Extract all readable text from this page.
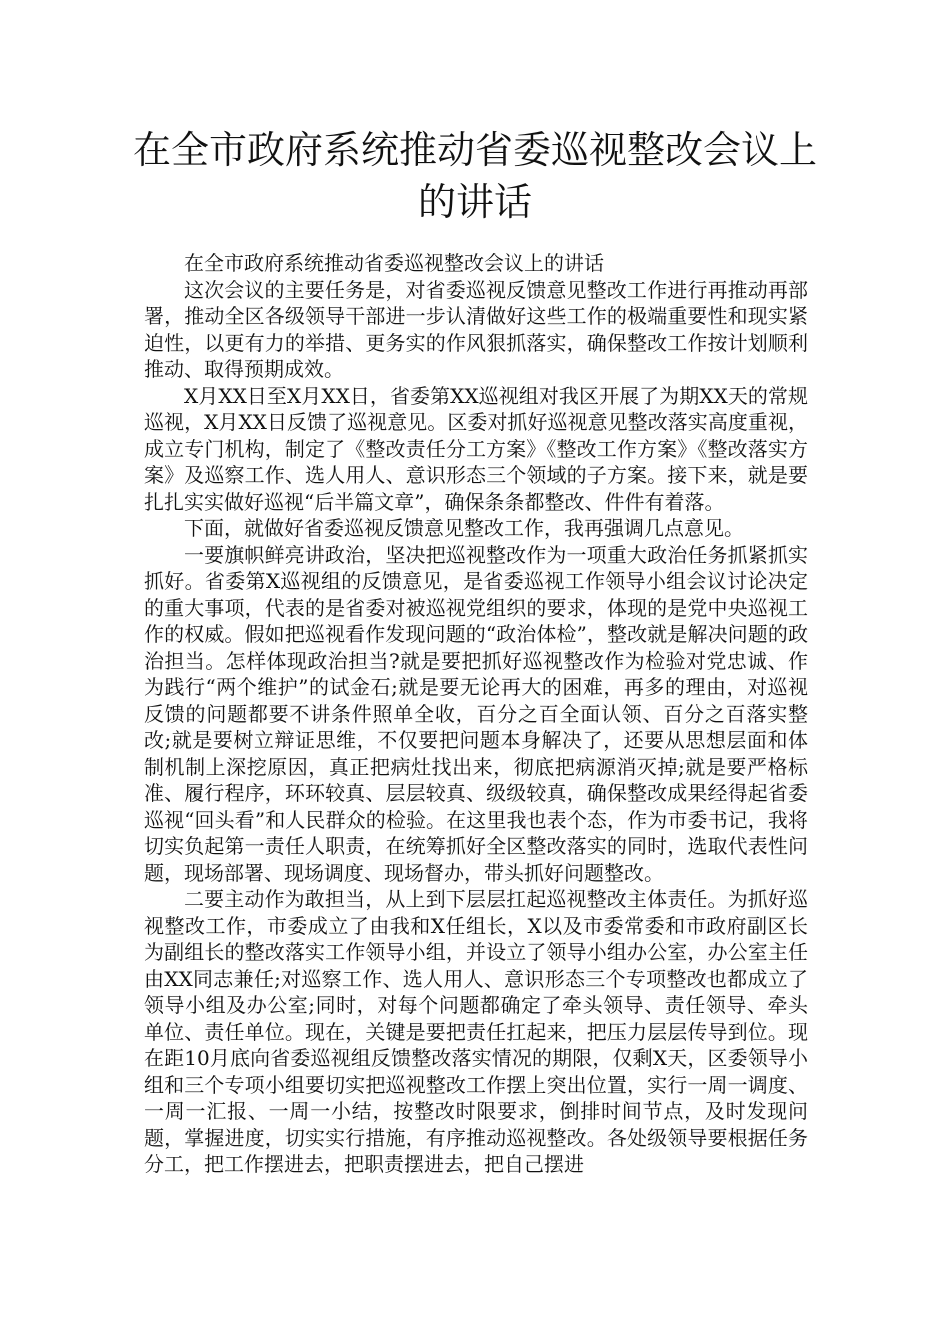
在全市政府系统推动省委巡视整改会议上的讲话

在全市政府系统推动省委巡视整改会议上的讲话

这次会议的主要任务是，对省委巡视反馈意见整改工作进行再推动再部署，推动全区各级领导干部进一步认清做好这些工作的极端重要性和现实紧迫性，以更有力的举措、更务实的作风狠抓落实，确保整改工作按计划顺利推动、取得预期成效。

X月XX日至X月XX日，省委第XX巡视组对我区开展了为期XX天的常规巡视，X月XX日反馈了巡视意见。区委对抓好巡视意见整改落实高度重视，成立专门机构，制定了《整改责任分工方案》《整改工作方案》《整改落实方案》及巡察工作、选人用人、意识形态三个领域的子方案。接下来，就是要扎扎实实做好巡视“后半篇文章”，确保条条都整改、件件有着落。

下面，就做好省委巡视反馈意见整改工作，我再强调几点意见。

一要旗帜鲜亮讲政治，坚决把巡视整改作为一项重大政治任务抓紧抓实抓好。省委第X巡视组的反馈意见，是省委巡视工作领导小组会议讨论决定的重大事项，代表的是省委对被巡视党组织的要求，体现的是党中央巡视工作的权威。假如把巡视看作发现问题的“政治体检”，整改就是解决问题的政治担当。怎样体现政治担当?就是要把抓好巡视整改作为检验对党忠诚、作为践行“两个维护”的试金石;就是要无论再大的困难，再多的理由，对巡视反馈的问题都要不讲条件照单全收，百分之百全面认领、百分之百落实整改;就是要树立辩证思维，不仅要把问题本身解决了，还要从思想层面和体制机制上深挖原因，真正把病灶找出来，彻底把病源消灭掉;就是要严格标准、履行程序，环环较真、层层较真、级级较真，确保整改成果经得起省委巡视“回头看”和人民群众的检验。在这里我也表个态，作为市委书记，我将切实负起第一责任人职责，在统筹抓好全区整改落实的同时，选取代表性问题，现场部署、现场调度、现场督办，带头抓好问题整改。

二要主动作为敢担当，从上到下层层扛起巡视整改主体责任。为抓好巡视整改工作，市委成立了由我和X任组长，X以及市委常委和市政府副区长为副组长的整改落实工作领导小组，并设立了领导小组办公室，办公室主任由XX同志兼任;对巡察工作、选人用人、意识形态三个专项整改也都成立了领导小组及办公室;同时，对每个问题都确定了牵头领导、责任领导、牵头单位、责任单位。现在，关键是要把责任扛起来，把压力层层传导到位。现在距10月底向省委巡视组反馈整改落实情况的期限，仅剩X天，区委领导小组和三个专项小组要切实把巡视整改工作摆上突出位置，实行一周一调度、一周一汇报、一周一小结，按整改时限要求，倒排时间节点，及时发现问题，掌握进度，切实实行措施，有序推动巡视整改。各处级领导要根据任务分工，把工作摆进去，把职责摆进去，把自己摆进
